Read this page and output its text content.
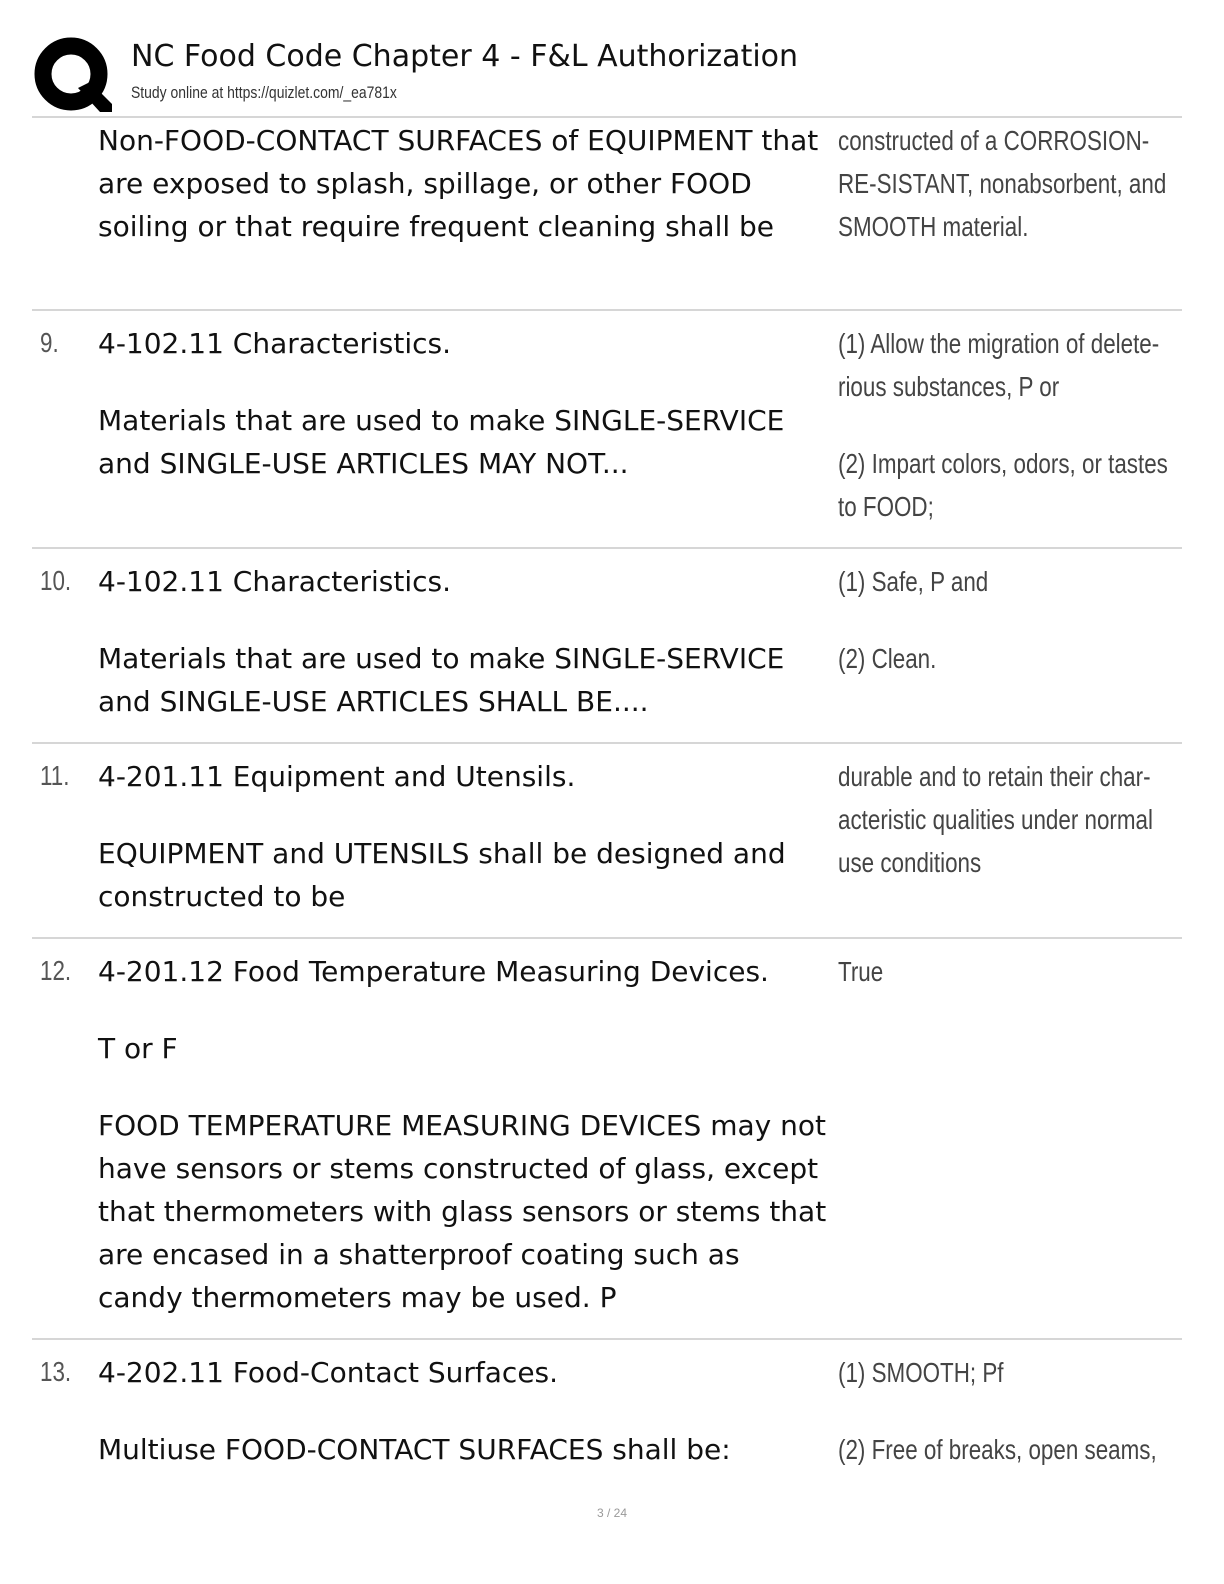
NC Food Code Chapter 4 - F&L Authorization
Study online at https://quizlet.com/_ea781x

Non-FOOD-CONTACT SURFACES of EQUIPMENT that are exposed to splash, spillage, or other FOOD soiling or that require frequent cleaning shall be

constructed of a CORROSION-RE-SISTANT, nonabsorbent, and SMOOTH material.

9. 4-102.11 Characteristics.

Materials that are used to make SINGLE-SERVICE and SINGLE-USE ARTICLES MAY NOT...

(1) Allow the migration of delete-rious substances, P or

(2) Impart colors, odors, or tastes to FOOD;

10. 4-102.11 Characteristics.

Materials that are used to make SINGLE-SERVICE and SINGLE-USE ARTICLES SHALL BE....

(1) Safe, P and

(2) Clean.

11. 4-201.11 Equipment and Utensils.

EQUIPMENT and UTENSILS shall be designed and constructed to be

durable and to retain their char-acteristic qualities under normal use conditions

12. 4-201.12 Food Temperature Measuring Devices.

T or F

FOOD TEMPERATURE MEASURING DEVICES may not have sensors or stems constructed of glass, except that thermometers with glass sensors or stems that are encased in a shatterproof coating such as candy thermometers may be used. P

True

13. 4-202.11 Food-Contact Surfaces.

Multiuse FOOD-CONTACT SURFACES shall be:

(1) SMOOTH; Pf

(2) Free of breaks, open seams,

3 / 24
